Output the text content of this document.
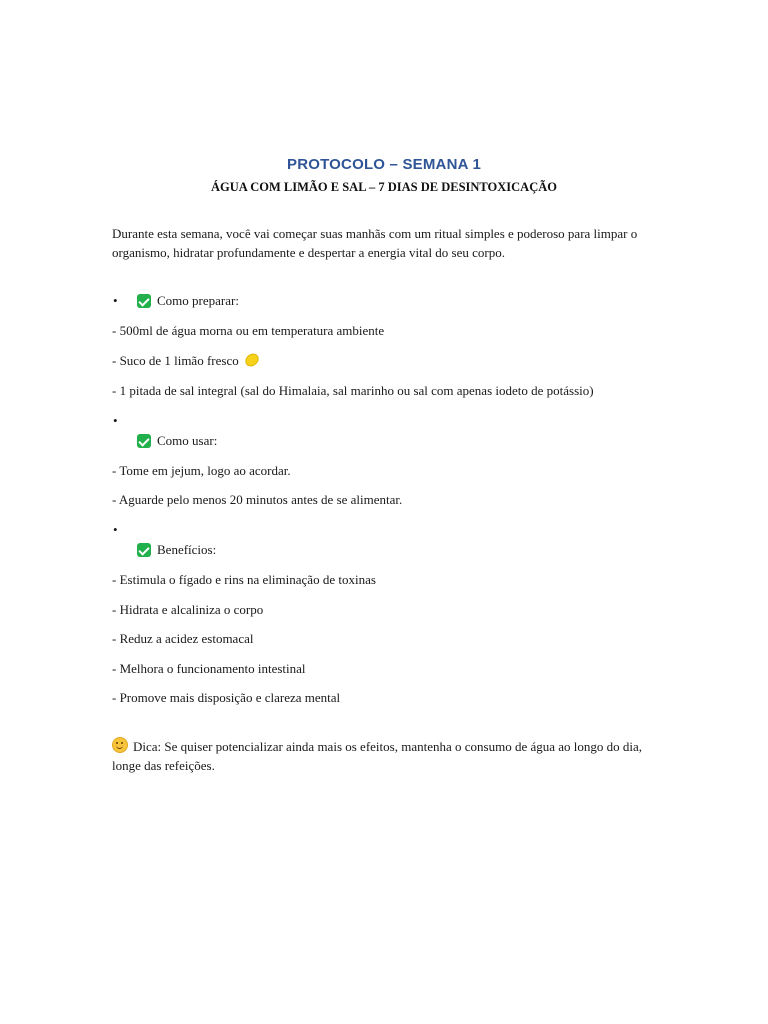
PROTOCOLO – SEMANA 1
ÁGUA COM LIMÃO E SAL – 7 DIAS DE DESINTOXICAÇÃO
Durante esta semana, você vai começar suas manhãs com um ritual simples e poderoso para limpar o organismo, hidratar profundamente e despertar a energia vital do seu corpo.
•	Como preparar:
- 500ml de água morna ou em temperatura ambiente
- Suco de 1 limão fresco
- 1 pitada de sal integral (sal do Himalaia, sal marinho ou sal com apenas iodeto de potássio)
•
Como usar:
- Tome em jejum, logo ao acordar.
- Aguarde pelo menos 20 minutos antes de se alimentar.
•
Benefícios:
- Estimula o fígado e rins na eliminação de toxinas
- Hidrata e alcaliniza o corpo
- Reduz a acidez estomacal
- Melhora o funcionamento intestinal
- Promove mais disposição e clareza mental
Dica: Se quiser potencializar ainda mais os efeitos, mantenha o consumo de água ao longo do dia, longe das refeições.
